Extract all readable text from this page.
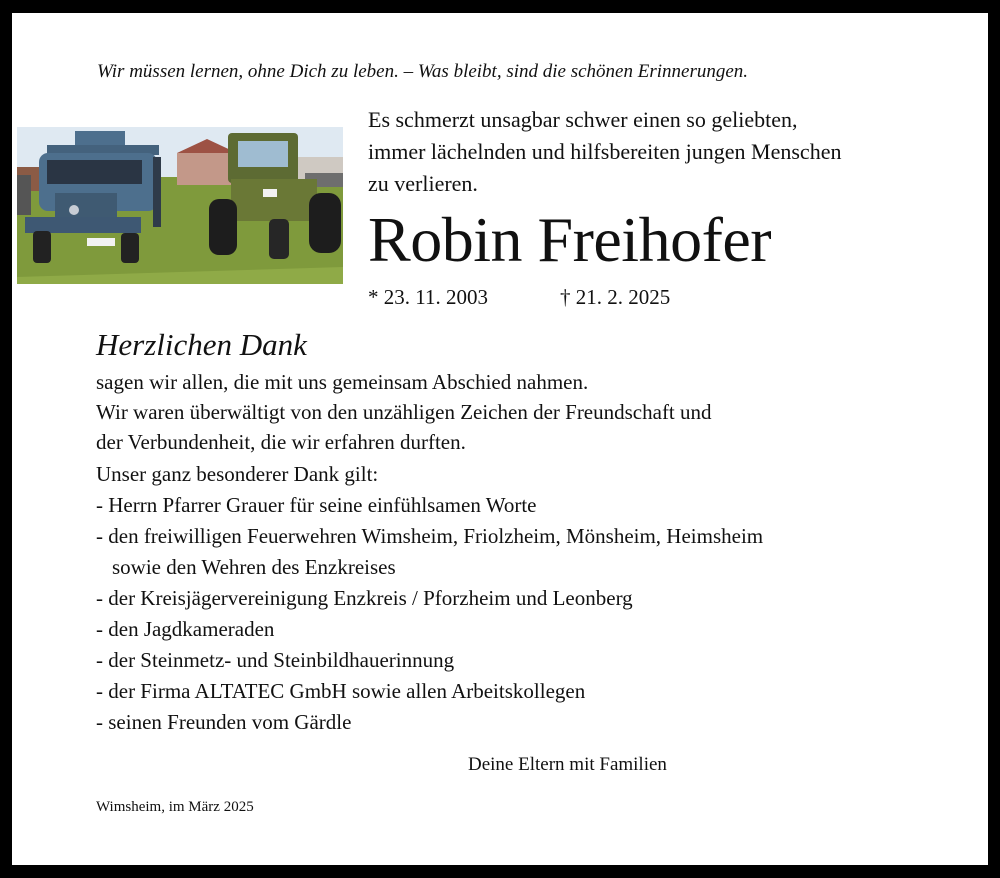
Wir müssen lernen, ohne Dich zu leben. – Was bleibt, sind die schönen Erinnerungen.
Es schmerzt unsagbar schwer einen so geliebten,
immer lächelnden und hilfsbereiten jungen Menschen
zu verlieren.
Robin Freihofer
* 23. 11. 2003	† 21. 2. 2025
Herzlichen Dank
sagen wir allen, die mit uns gemeinsam Abschied nahmen.
Wir waren überwältigt von den unzähligen Zeichen der Freundschaft und
der Verbundenheit, die wir erfahren durften.
Unser ganz besonderer Dank gilt:
- Herrn Pfarrer Grauer für seine einfühlsamen Worte
- den freiwilligen Feuerwehren Wimsheim, Friolzheim, Mönsheim, Heimsheim
sowie den Wehren des Enzkreises
- der Kreisjägervereinigung Enzkreis / Pforzheim und Leonberg
- den Jagdkameraden
- der Steinmetz- und Steinbildhauerinnung
- der Firma ALTATEC GmbH sowie allen Arbeitskollegen
- seinen Freunden vom Gärdle
Deine Eltern mit Familien
Wimsheim, im März 2025
